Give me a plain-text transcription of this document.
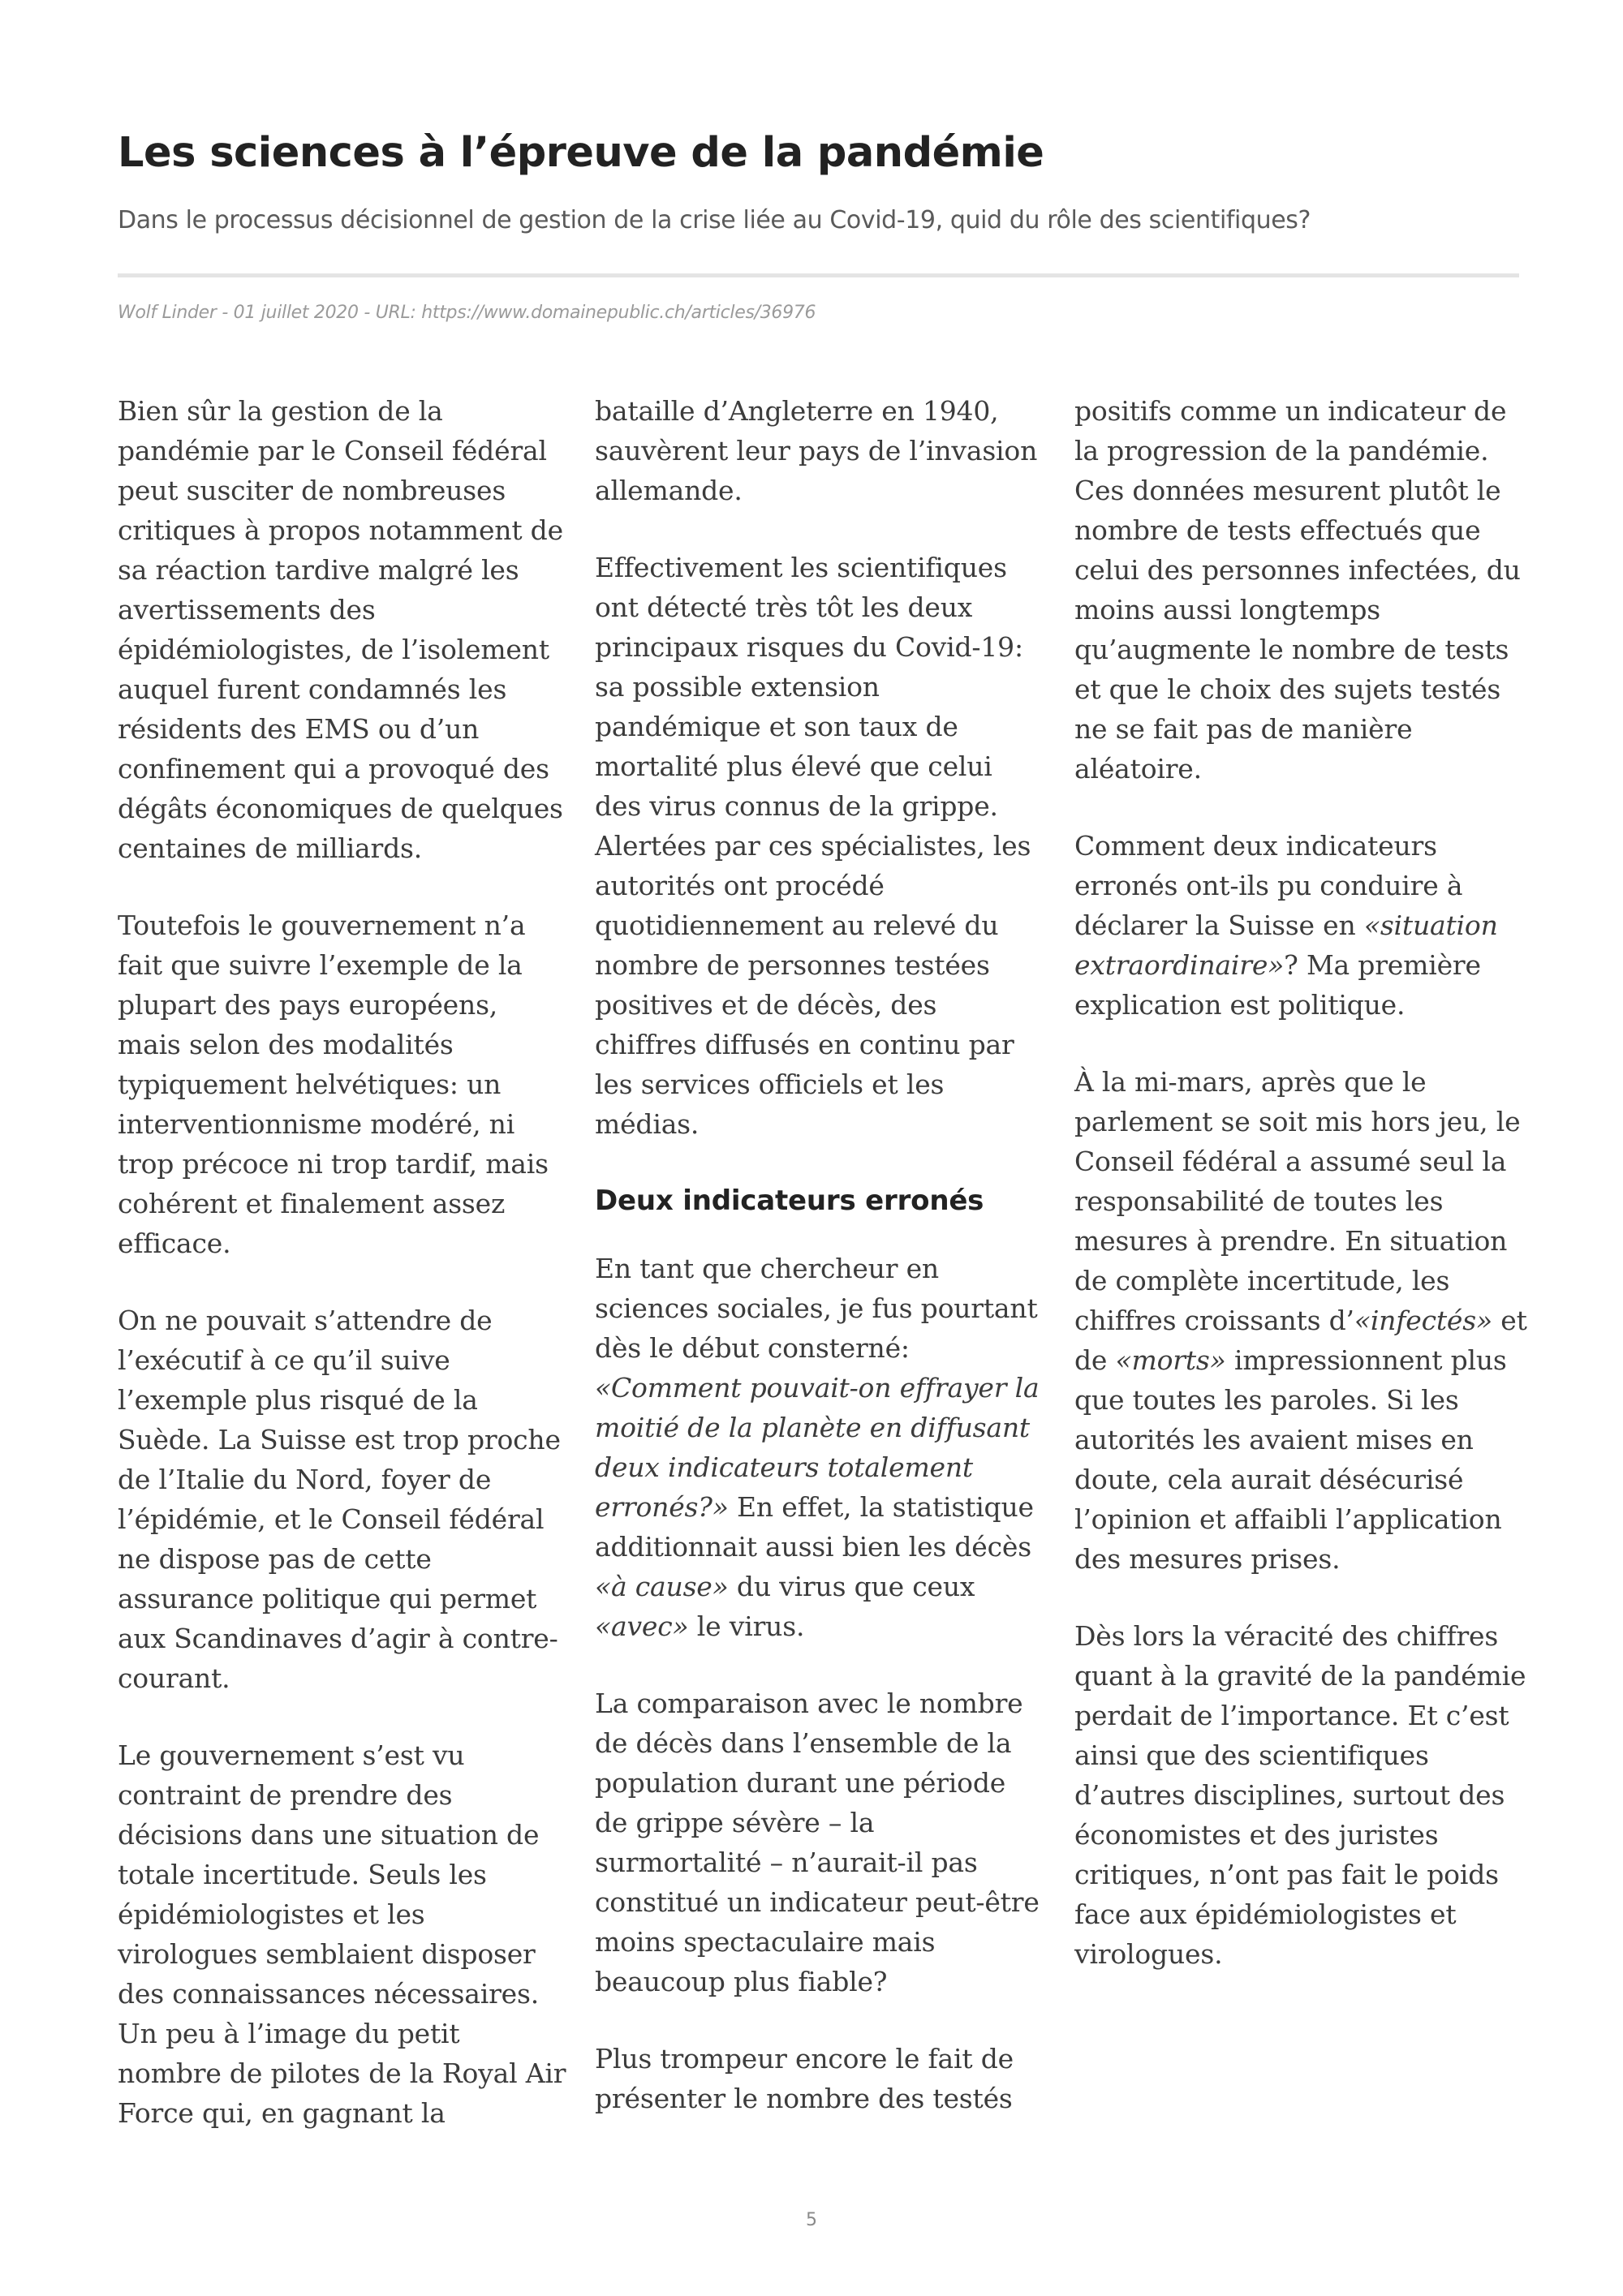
Les sciences à l’épreuve de la pandémie

Dans le processus décisionnel de gestion de la crise liée au Covid-19, quid du rôle des scientifiques?

Wolf Linder - 01 juillet 2020 - URL: https://www.domainepublic.ch/articles/36976

Bien sûr la gestion de la pandémie par le Conseil fédéral peut susciter de nombreuses critiques à propos notamment de sa réaction tardive malgré les avertissements des épidémiologistes, de l’isolement auquel furent condamnés les résidents des EMS ou d’un confinement qui a provoqué des dégâts économiques de quelques centaines de milliards.

Toutefois le gouvernement n’a fait que suivre l’exemple de la plupart des pays européens, mais selon des modalités typiquement helvétiques: un interventionnisme modéré, ni trop précoce ni trop tardif, mais cohérent et finalement assez efficace.

On ne pouvait s’attendre de l’exécutif à ce qu’il suive l’exemple plus risqué de la Suède. La Suisse est trop proche de l’Italie du Nord, foyer de l’épidémie, et le Conseil fédéral ne dispose pas de cette assurance politique qui permet aux Scandinaves d’agir à contre-courant.

Le gouvernement s’est vu contraint de prendre des décisions dans une situation de totale incertitude. Seuls les épidémiologistes et les virologues semblaient disposer des connaissances nécessaires. Un peu à l’image du petit nombre de pilotes de la Royal Air Force qui, en gagnant la

bataille d’Angleterre en 1940, sauvèrent leur pays de l’invasion allemande.

Effectivement les scientifiques ont détecté très tôt les deux principaux risques du Covid-19: sa possible extension pandémique et son taux de mortalité plus élevé que celui des virus connus de la grippe. Alertées par ces spécialistes, les autorités ont procédé quotidiennement au relevé du nombre de personnes testées positives et de décès, des chiffres diffusés en continu par les services officiels et les médias.

Deux indicateurs erronés

En tant que chercheur en sciences sociales, je fus pourtant dès le début consterné: «Comment pouvait-on effrayer la moitié de la planète en diffusant deux indicateurs totalement erronés?» En effet, la statistique additionnait aussi bien les décès «à cause» du virus que ceux «avec» le virus.

La comparaison avec le nombre de décès dans l’ensemble de la population durant une période de grippe sévère – la surmortalité – n’aurait-il pas constitué un indicateur peut-être moins spectaculaire mais beaucoup plus fiable?

Plus trompeur encore le fait de présenter le nombre des testés

positifs comme un indicateur de la progression de la pandémie. Ces données mesurent plutôt le nombre de tests effectués que celui des personnes infectées, du moins aussi longtemps qu’augmente le nombre de tests et que le choix des sujets testés ne se fait pas de manière aléatoire.

Comment deux indicateurs erronés ont-ils pu conduire à déclarer la Suisse en «situation extraordinaire»? Ma première explication est politique.

À la mi-mars, après que le parlement se soit mis hors jeu, le Conseil fédéral a assumé seul la responsabilité de toutes les mesures à prendre. En situation de complète incertitude, les chiffres croissants d’«infectés» et de «morts» impressionnent plus que toutes les paroles. Si les autorités les avaient mises en doute, cela aurait désécurisé l’opinion et affaibli l’application des mesures prises.

Dès lors la véracité des chiffres quant à la gravité de la pandémie perdait de l’importance. Et c’est ainsi que des scientifiques d’autres disciplines, surtout des économistes et des juristes critiques, n’ont pas fait le poids face aux épidémiologistes et virologues.

5
